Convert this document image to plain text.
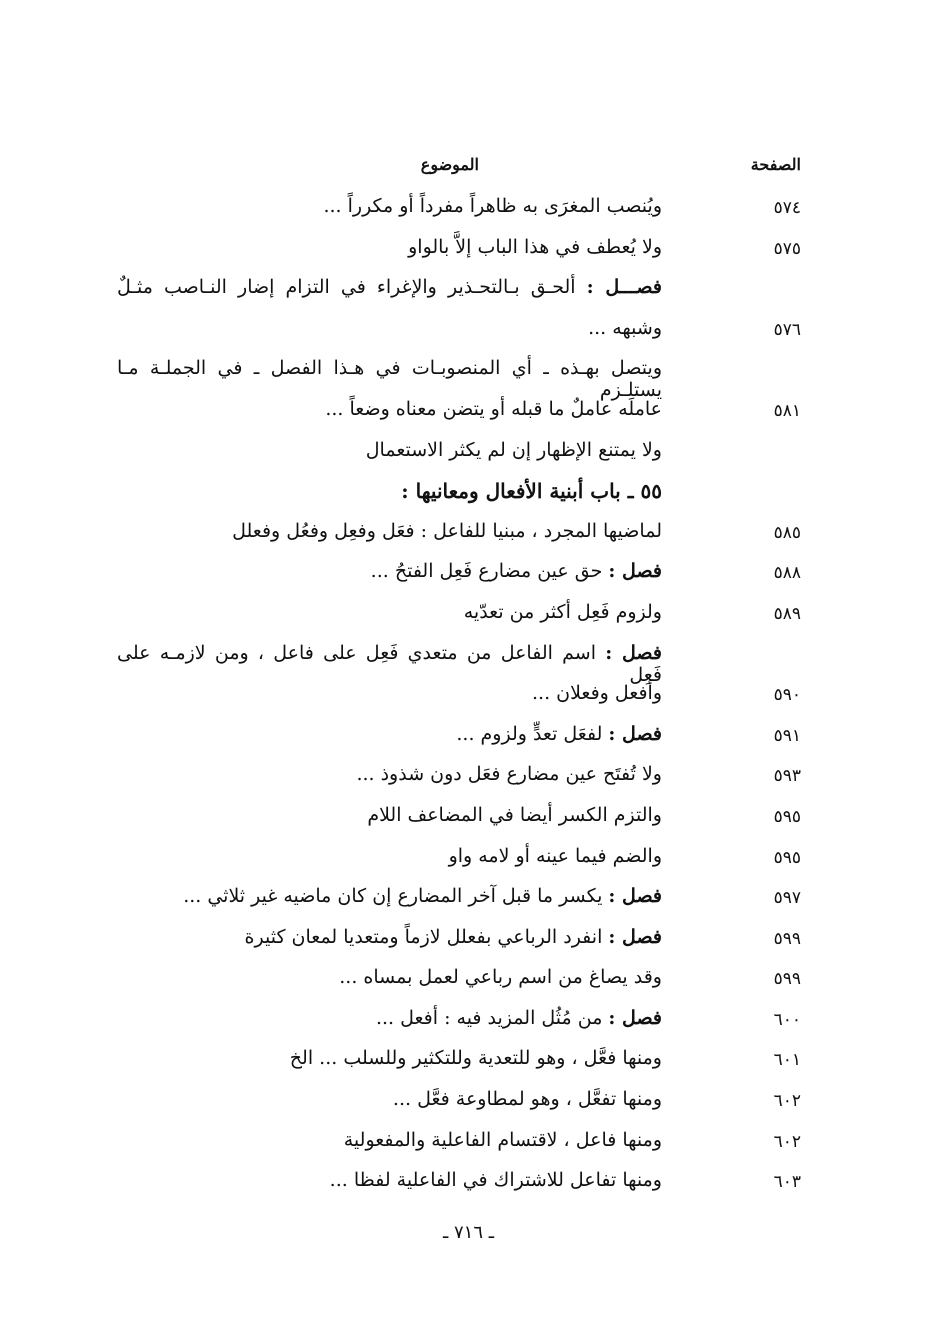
الصفحة
الموضوع
٥٧٤
ويُنصب المغرَى به ظاهراً مفرداً أو مكرراً ...
٥٧٥
ولا يُعطف في هذا الباب إلاَّ بالواو
فصـــل : ألحـق بـالتحـذير والإغراء في التزام إضار النـاصب مثـلٌ
٥٧٦
وشبهه ...
ويتصل بهـذه ـ أي المنصوبـات في هـذا الفصل ـ في الجملـة مـا يستلـزم
٥٨١
عاملَه عاملٌ ما قبله أو يتضن معناه وضعاً ...
ولا يمتنع الإظهار إن لم يكثر الاستعمال
٥٥ ـ باب أبنية الأفعال ومعانيها :
٥٨٥
لماضيها المجرد ، مبنيا للفاعل : فعَل وفعِل وفعُل وفعلل
٥٨٨
فصل : حق عين مضارع فَعِل الفتحُ ...
٥٨٩
ولزوم فَعِل أكثر من تعدّيه
فصل : اسم الفاعل من متعدي فَعِل على فاعل ، ومن لازمـه على فَعِل
٥٩٠
وأفعل وفعلان ...
٥٩١
فصل : لفعَل تعدٍّ ولزوم ...
٥٩٣
ولا تُفتَح عين مضارع فعَل دون شذوذ ...
٥٩٥
والتزم الكسر أيضا في المضاعف اللام
٥٩٥
والضم فيما عينه أو لامه واو
٥٩٧
فصل : يكسر ما قبل آخر المضارع إن كان ماضيه غير ثلاثي ...
٥٩٩
فصل : انفرد الرباعي بفعلل لازماً ومتعديا لمعان كثيرة
٥٩٩
وقد يصاغ من اسم رباعي لعمل بمساه ...
٦٠٠
فصل : من مُثُل المزيد فيه : أفعل ...
٦٠١
ومنها فعَّل ، وهو للتعدية وللتكثير وللسلب ... الخ
٦٠٢
ومنها تفعَّل ، وهو لمطاوعة فعَّل ...
٦٠٢
ومنها فاعل ، لاقتسام الفاعلية والمفعولية
٦٠٣
ومنها تفاعل للاشتراك في الفاعلية لفظا ...
ـ ٧١٦ ـ
